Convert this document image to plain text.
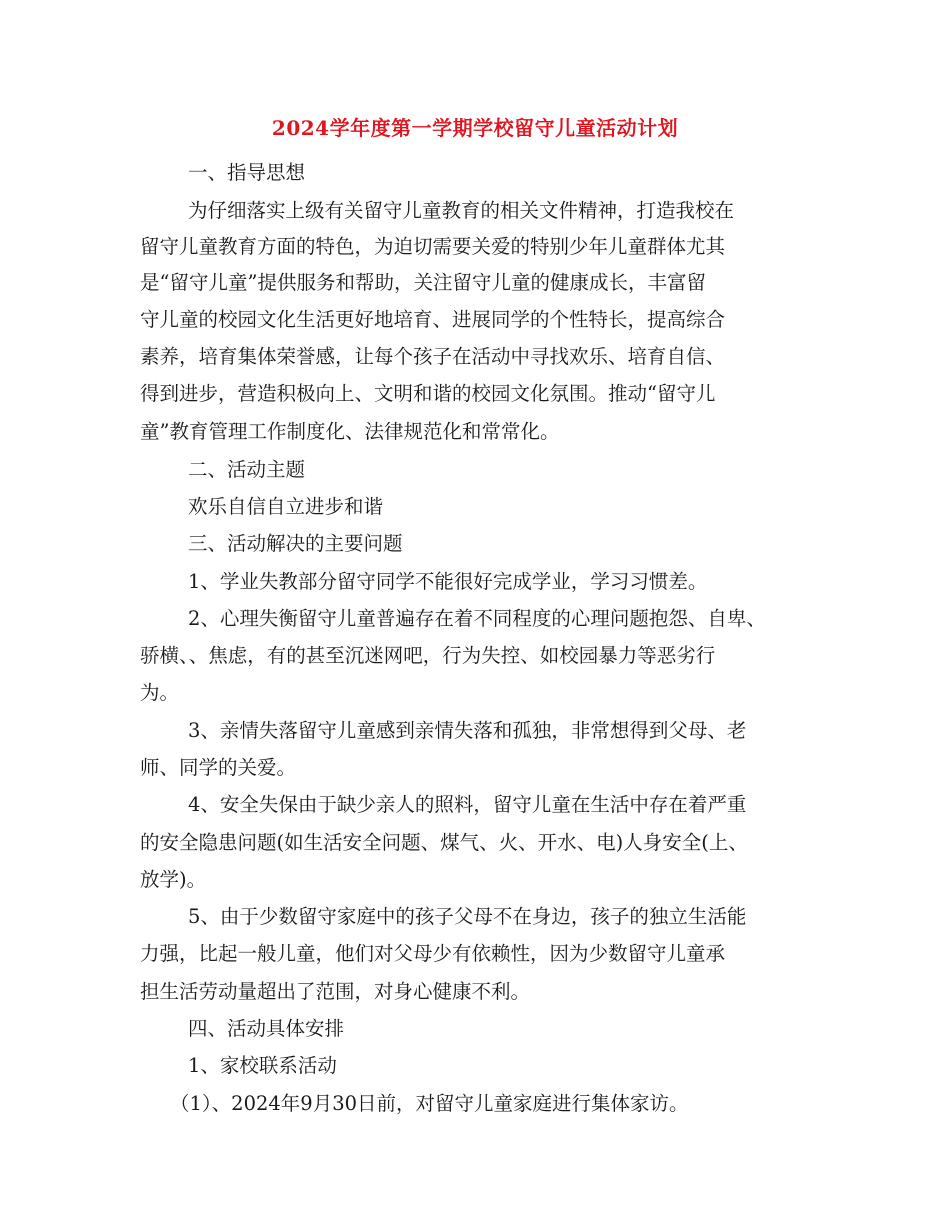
2024学年度第一学期学校留守儿童活动计划

一、指导思想

为仔细落实上级有关留守儿童教育的相关文件精神，打造我校在

留守儿童教育方面的特色，为迫切需要关爱的特别少年儿童群体尤其

是“留守儿童”提供服务和帮助，关注留守儿童的健康成长，丰富留

守儿童的校园文化生活更好地培育、进展同学的个性特长，提高综合

素养，培育集体荣誉感，让每个孩子在活动中寻找欢乐、培育自信、

得到进步，营造积极向上、文明和谐的校园文化氛围。推动“留守儿

童”教育管理工作制度化、法律规范化和常常化。

二、活动主题

欢乐自信自立进步和谐

三、活动解决的主要问题

1、学业失教部分留守同学不能很好完成学业，学习习惯差。

2、心理失衡留守儿童普遍存在着不同程度的心理问题抱怨、自卑、

骄横、、焦虑，有的甚至沉迷网吧，行为失控、如校园暴力等恶劣行

为。

3、亲情失落留守儿童感到亲情失落和孤独，非常想得到父母、老

师、同学的关爱。

4、安全失保由于缺少亲人的照料，留守儿童在生活中存在着严重

的安全隐患问题(如生活安全问题、煤气、火、开水、电)人身安全(上、

放学)。

5、由于少数留守家庭中的孩子父母不在身边，孩子的独立生活能

力强，比起一般儿童，他们对父母少有依赖性，因为少数留守儿童承

担生活劳动量超出了范围，对身心健康不利。

四、活动具体安排

1、家校联系活动

（1）、2024年9月30日前，对留守儿童家庭进行集体家访。
